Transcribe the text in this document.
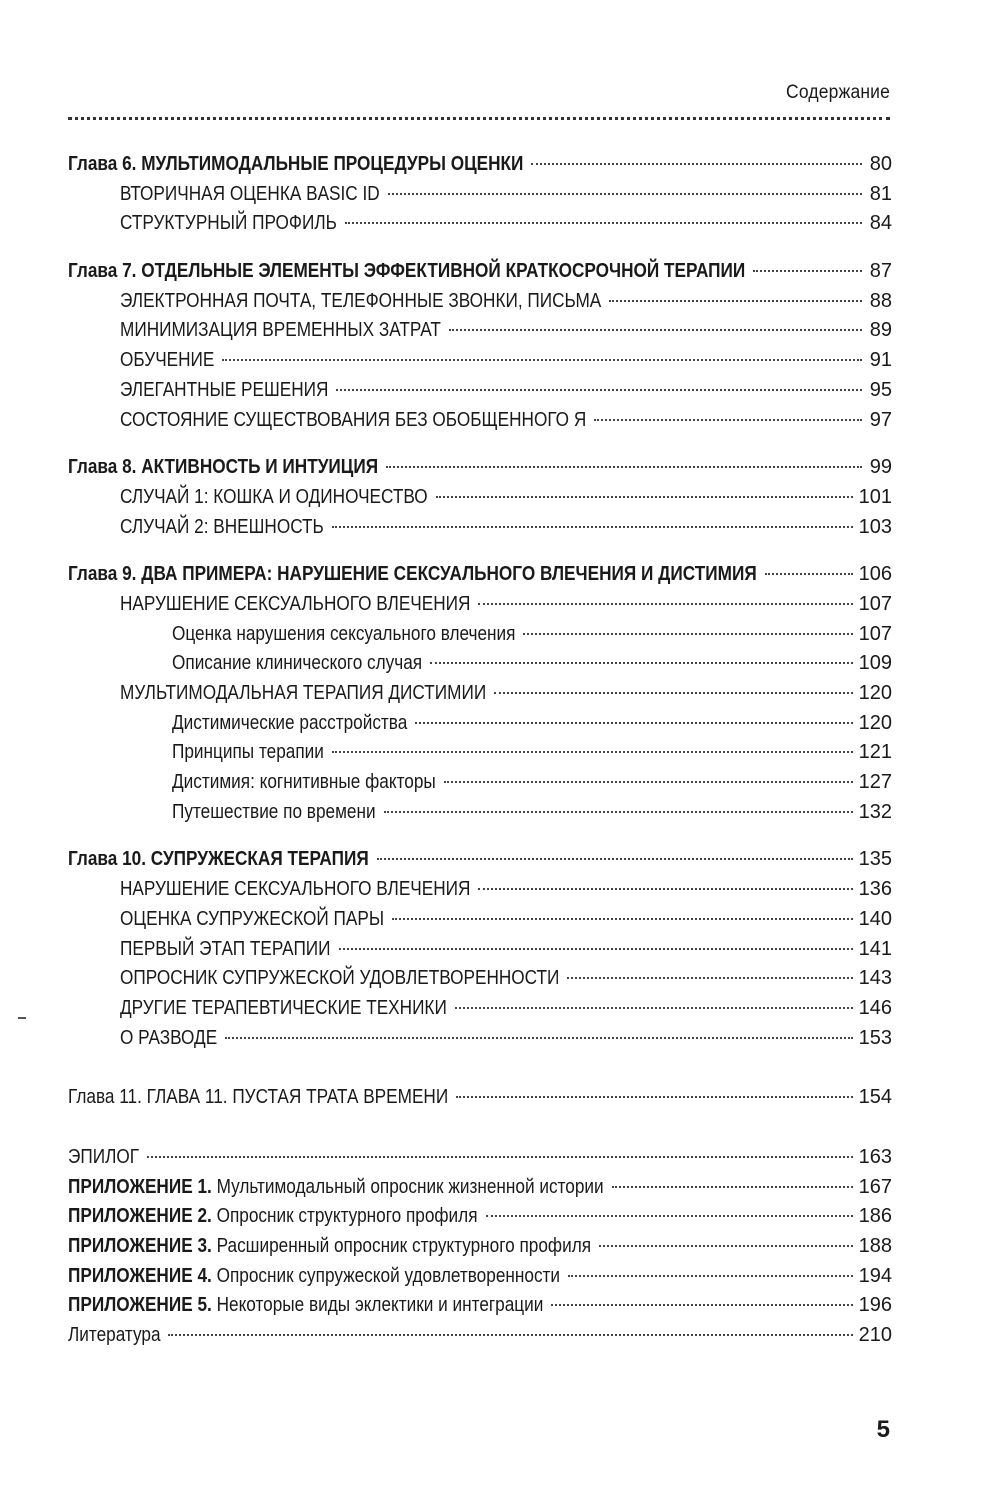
Содержание
Глава 6. МУЛЬТИМОДАЛЬНЫЕ ПРОЦЕДУРЫ ОЦЕНКИ	80
ВТОРИЧНАЯ ОЦЕНКА BASIC ID	81
СТРУКТУРНЫЙ ПРОФИЛЬ	84
Глава 7. ОТДЕЛЬНЫЕ ЭЛЕМЕНТЫ ЭФФЕКТИВНОЙ КРАТКОСРОЧНОЙ ТЕРАПИИ	87
ЭЛЕКТРОННАЯ ПОЧТА, ТЕЛЕФОННЫЕ ЗВОНКИ, ПИСЬМА	88
МИНИМИЗАЦИЯ ВРЕМЕННЫХ ЗАТРАТ	89
ОБУЧЕНИЕ	91
ЭЛЕГАНТНЫЕ РЕШЕНИЯ	95
СОСТОЯНИЕ СУЩЕСТВОВАНИЯ БЕЗ ОБОБЩЕННОГО Я	97
Глава 8. АКТИВНОСТЬ И ИНТУИЦИЯ	99
СЛУЧАЙ 1: КОШКА И ОДИНОЧЕСТВО	101
СЛУЧАЙ 2: ВНЕШНОСТЬ	103
Глава 9. ДВА ПРИМЕРА: НАРУШЕНИЕ СЕКСУАЛЬНОГО ВЛЕЧЕНИЯ И ДИСТИМИЯ	106
НАРУШЕНИЕ СЕКСУАЛЬНОГО ВЛЕЧЕНИЯ	107
Оценка нарушения сексуального влечения	107
Описание клинического случая	109
МУЛЬТИМОДАЛЬНАЯ ТЕРАПИЯ ДИСТИМИИ	120
Дистимические расстройства	120
Принципы терапии	121
Дистимия: когнитивные факторы	127
Путешествие по времени	132
Глава 10. СУПРУЖЕСКАЯ ТЕРАПИЯ	135
НАРУШЕНИЕ СЕКСУАЛЬНОГО ВЛЕЧЕНИЯ	136
ОЦЕНКА СУПРУЖЕСКОЙ ПАРЫ	140
ПЕРВЫЙ ЭТАП ТЕРАПИИ	141
ОПРОСНИК СУПРУЖЕСКОЙ УДОВЛЕТВОРЕННОСТИ	143
ДРУГИЕ ТЕРАПЕВТИЧЕСКИЕ ТЕХНИКИ	146
О РАЗВОДЕ	153
Глава 11. ГЛАВА 11. ПУСТАЯ ТРАТА ВРЕМЕНИ	154
ЭПИЛОГ	163
ПРИЛОЖЕНИЕ 1. Мультимодальный опросник жизненной истории	167
ПРИЛОЖЕНИЕ 2. Опросник структурного профиля	186
ПРИЛОЖЕНИЕ 3. Расширенный опросник структурного профиля	188
ПРИЛОЖЕНИЕ 4. Опросник супружеской удовлетворенности	194
ПРИЛОЖЕНИЕ 5. Некоторые виды эклектики и интеграции	196
Литература	210
5
